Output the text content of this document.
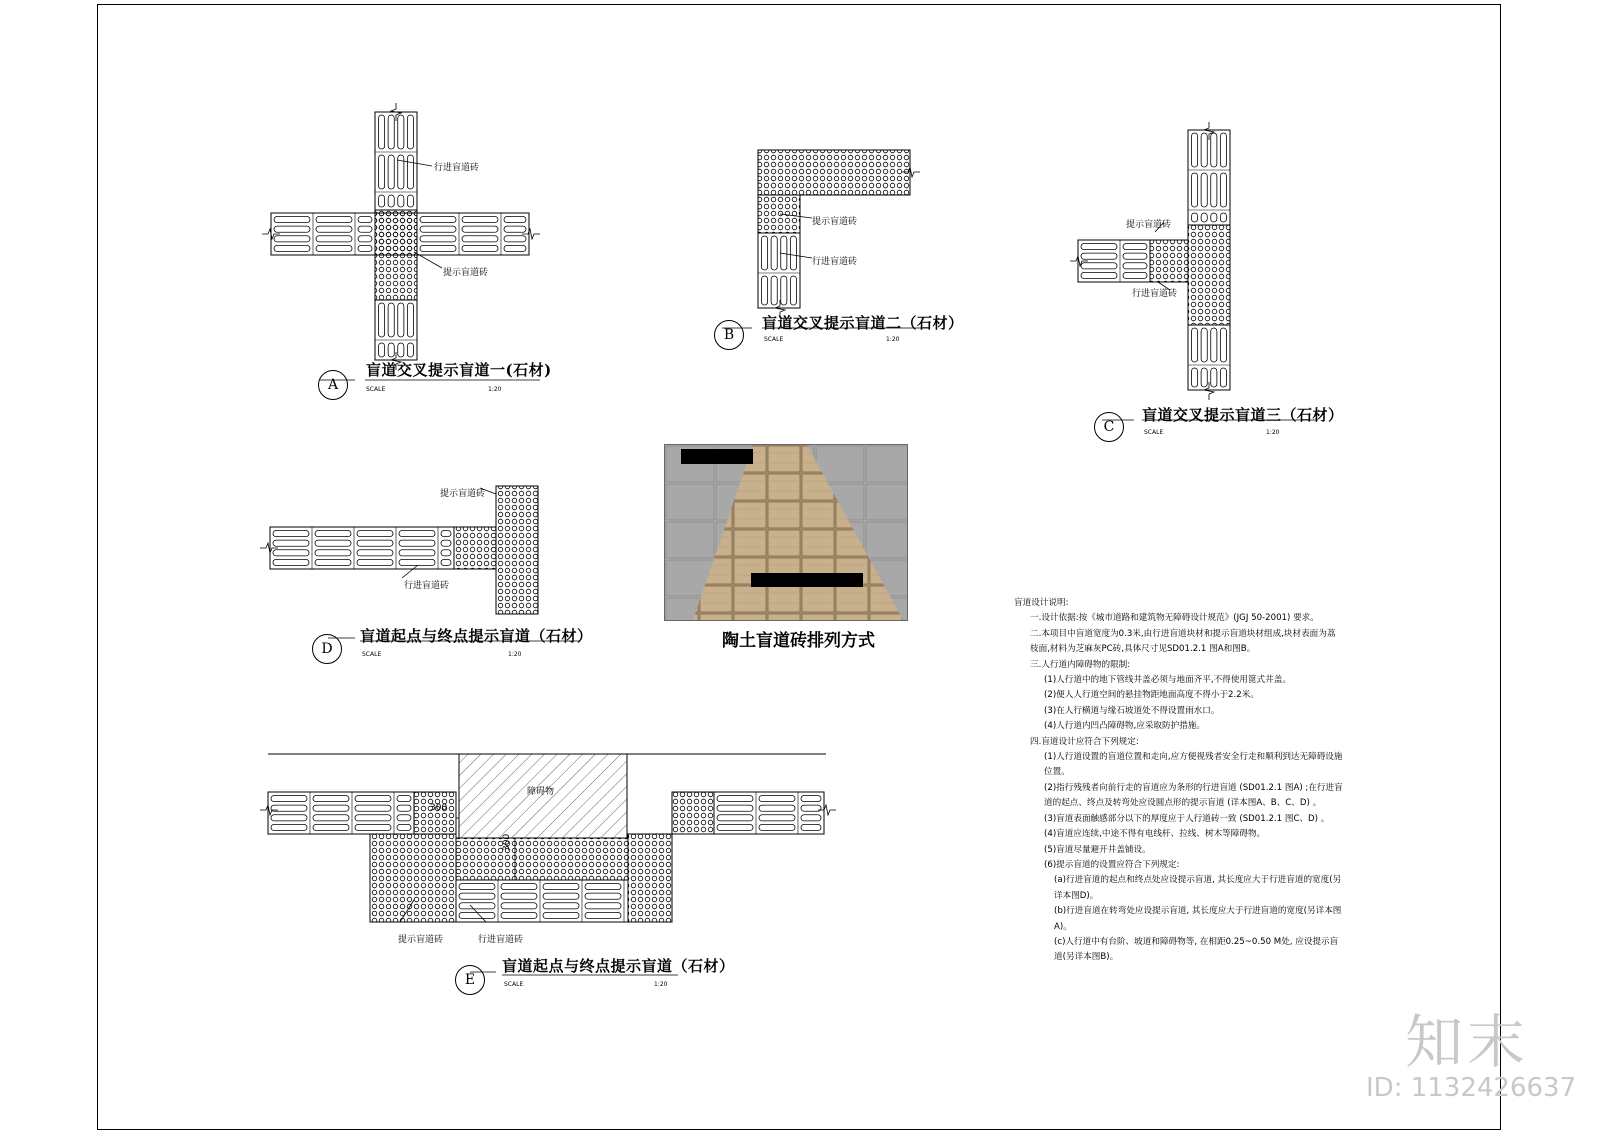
行进盲道砖
提示盲道砖
A
盲道交叉提示盲道一(石材)
SCALE	1:20
提示盲道砖
行进盲道砖
B
盲道交叉提示盲道二（石材）
SCALE	1:20
提示盲道砖
行进盲道砖
C
盲道交叉提示盲道三（石材）
SCALE	1:20
提示盲道砖
行进盲道砖
D
盲道起点与终点提示盲道（石材）
SCALE	1:20
障碍物
300
300
提示盲道砖	行进盲道砖
E
盲道起点与终点提示盲道（石材）
SCALE	1:20
陶土盲道砖排列方式
盲道设计说明:
一.设计依据:按《城市道路和建筑物无障碍设计规范》(JGJ 50-2001) 要求。
二.本项目中盲道宽度为0.3米,由行进盲道块材和提示盲道块材组成,块材表面为荔枝面,材料为芝麻灰PC砖,具体尺寸见SD01.2.1 图A和图B。
三.人行道内障碍物的限制:
(1)人行道中的地下管线井盖必须与地面齐平,不得使用篦式井盖。
(2)便人人行道空间的悬挂物距地面高度不得小于2.2米。
(3)在人行横道与缘石坡道处不得设置雨水口。
(4)人行道内凹凸障碍物,应采取防护措施。
四.盲道设计应符合下列规定:
(1)人行道设置的盲道位置和走向,应方便视残者安全行走和顺利到达无障碍设施位置。
(2)指行残残者向前行走的盲道应为条形的行进盲道 (SD01.2.1 图A) ;在行进盲道的起点、终点及转弯处应设圆点形的提示盲道 (详本图A、B、C、D) 。
(3)盲道表面触感部分以下的厚度应于人行道砖一致 (SD01.2.1 图C、D) 。
(4)盲道应连续,中途不得有电线杆、拉线、树木等障碍物。
(5)盲道尽量避开井盖铺设。
(6)提示盲道的设置应符合下列规定:
(a)行进盲道的起点和终点处应设提示盲道, 其长度应大于行进盲道的宽度(另详本图D)。
(b)行进盲道在转弯处应设提示盲道, 其长度应大于行进盲道的宽度(另详本图A)。
(c)人行道中有台阶、坡道和障碍物等, 在相距0.25~0.50 M处, 应设提示盲道(另详本图B)。
知末
ID: 1132426637
